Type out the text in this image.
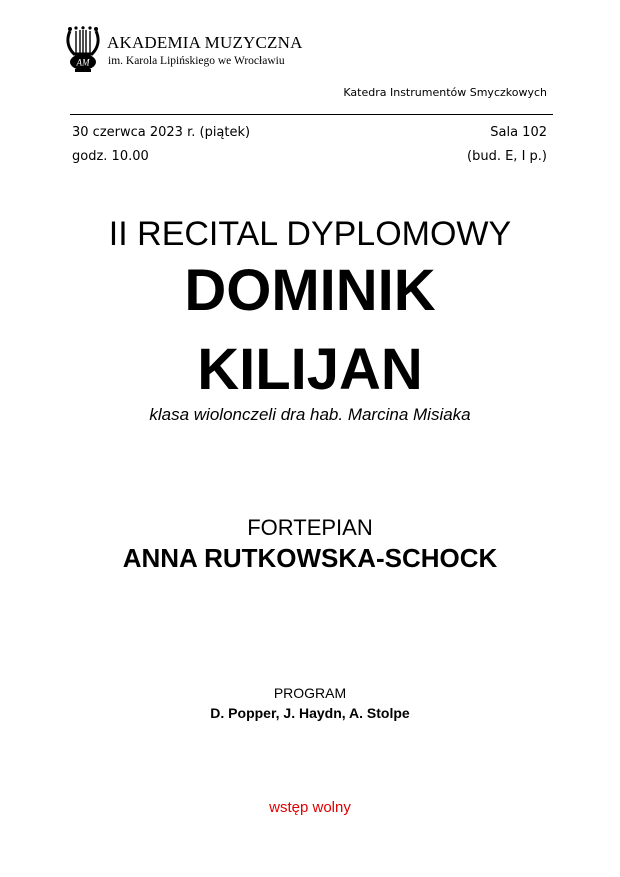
AM
AKADEMIA MUZYCZNA
im. Karola Lipińskiego we Wrocławiu
Katedra Instrumentów Smyczkowych
30 czerwca 2023 r. (piątek)
godz. 10.00
Sala 102
(bud. E, I p.)
II RECITAL DYPLOMOWY
DOMINIK
KILIJAN
klasa wiolonczeli dra hab. Marcina Misiaka
FORTEPIAN
ANNA RUTKOWSKA-SCHOCK
PROGRAM
D. Popper, J. Haydn, A. Stolpe
wstęp wolny
